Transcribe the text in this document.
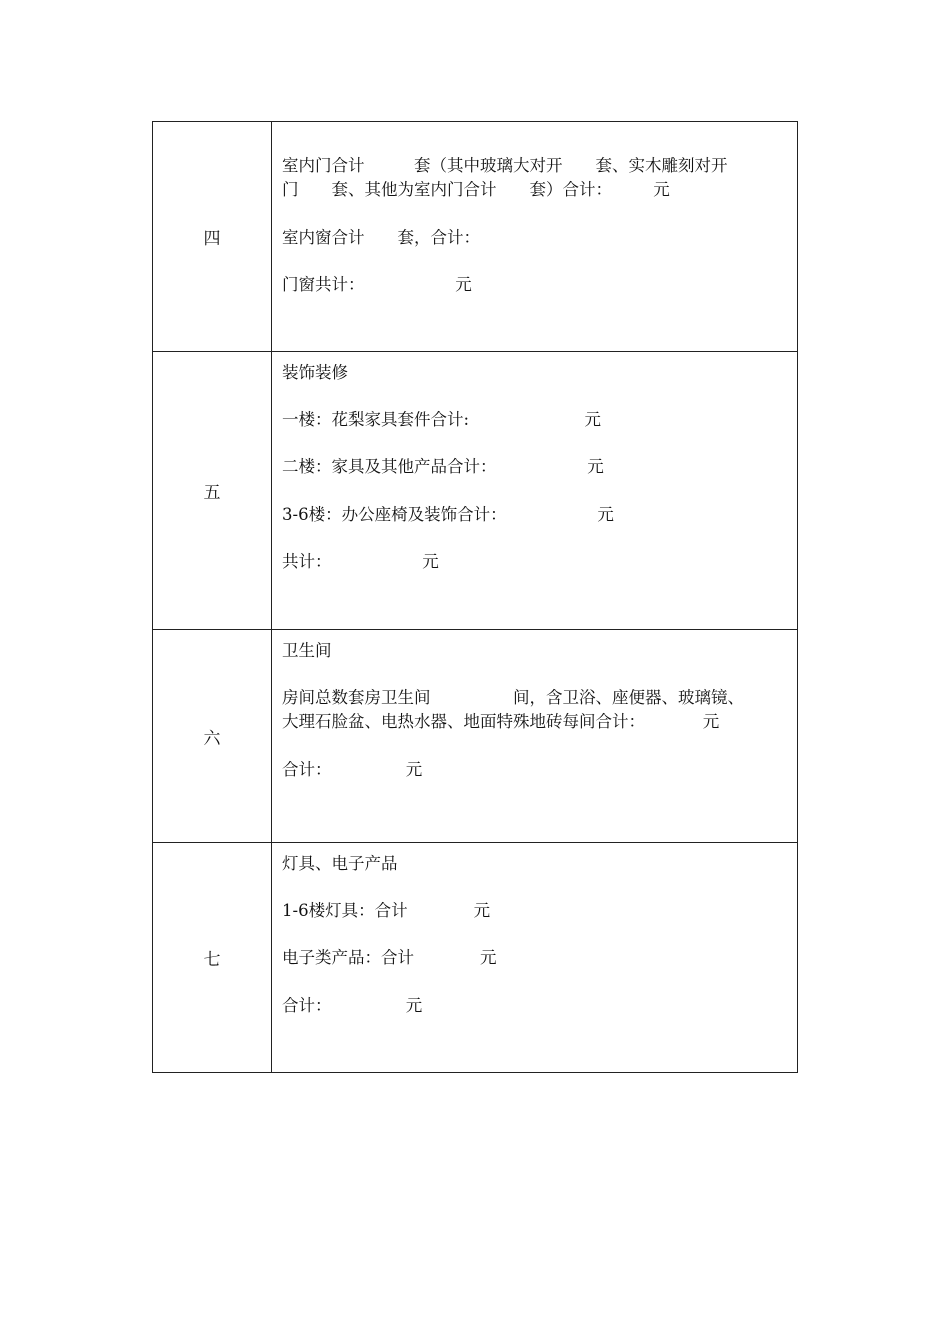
四	室内门合计　　　套（其中玻璃大对开　　套、实木雕刻对开
门　　套、其他为室内门合计　　套）合计：　　　元
室内窗合计　　套，合计：
门窗共计：　　　　　　元

五	装饰装修
一楼：花梨家具套件合计:　　　　　　　元
二楼：家具及其他产品合计：　　　　　　元
3-6楼：办公座椅及装饰合计：　　　　　　元
共计：　　　　　　元

六	卫生间
房间总数套房卫生间　　　　　间，含卫浴、座便器、玻璃镜、
大理石脸盆、电热水器、地面特殊地砖每间合计：　　　　元
合计：　　　　　元

七	灯具、电子产品
1-6楼灯具：合计　　　　元
电子类产品：合计　　　　元
合计：　　　　　元
